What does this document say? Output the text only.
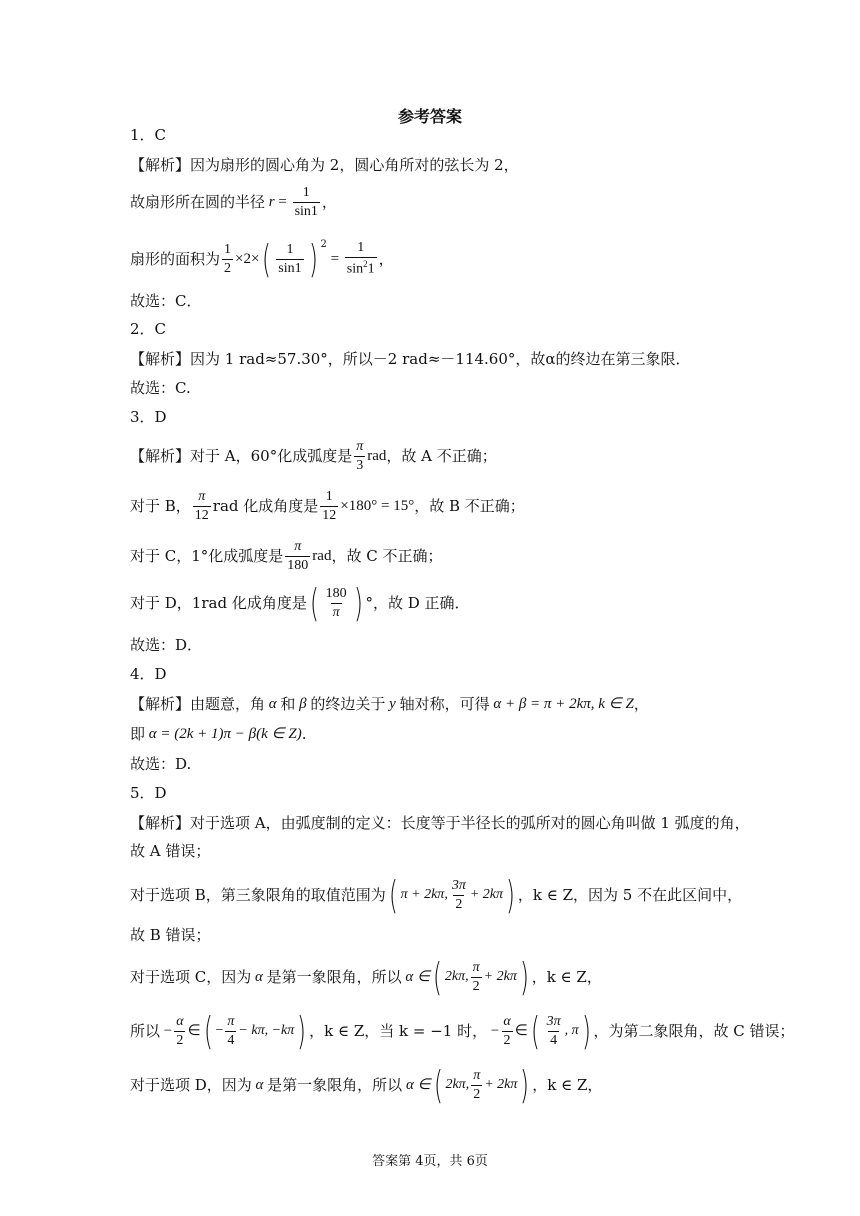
参考答案
1．C
【解析】因为扇形的圆心角为 2，圆心角所对的弦长为 2，
故扇形所在圆的半径 $r = \frac{1}{\sin 1}$ ，
扇形的面积为 $\frac{1}{2} \times 2\times$ ( $\frac{1}{\sin 1}$ ) 2
= $\frac{1}{\sin^21}$ ，
故选：C．
2．C
【解析】因为 1 rad≈57.30°，所以－2 rad≈－114.60°，故α的终边在第三象限．
故选：C.
3．D
【解析】对于 A，60°化成弧度是 $\frac{\pi}{3}$ rad ，故 A 不正确；
对于 B， $\frac{\pi}{12}$ rad 化成角度是 $\frac{1}{12} \times 180^\circ = 15^\circ$ ，故 B 不正确；
对于 C，1°化成弧度是 $\frac{\pi}{180}$ rad ，故 C 不正确；
对于 D，1rad 化成角度是 ( $\frac{180}{\pi}$ ) °，故 D 正确．
故选：D．
4．D
【解析】由题意，角 α 和 β 的终边关于 y 轴对称，可得
α + β = π + 2kπ, k ∈ Z ，
即
α = (2k + 1)π − β(k ∈ Z) .
故选：D.
5．D
【解析】对于选项 A，由弧度制的定义：长度等于半径长的弧所对的圆心角叫做 1 弧度的角，
故 A 错误；
对于选项 B，第三象限角的取值范围为 ( π + 2kπ, $\frac{3\pi}{2} + 2k\pi$ ) ，k ∈ Z，因为 5 不在此区间中，
故 B 错误；
对于选项 C，因为 α 是第一象限角，所以 α ∈ ( 2kπ, $\frac{\pi}{2} + 2k\pi$ ) ，k ∈ Z，
所以 − $\frac{\alpha}{2}$ ∈ ( − $\frac{\pi}{4} - k\pi$, −kπ ) ，k ∈ Z，当 k = −1 时， − $\frac{\alpha}{2}$ ∈ ( $\frac{3\pi}{4}$ , π ) ，为第二象限角，故 C 错误；
对于选项 D，因为 α 是第一象限角，所以 α ∈ ( 2kπ, $\frac{\pi}{2} + 2k\pi$ ) ，k ∈ Z，
答案第 4页，共 6页
